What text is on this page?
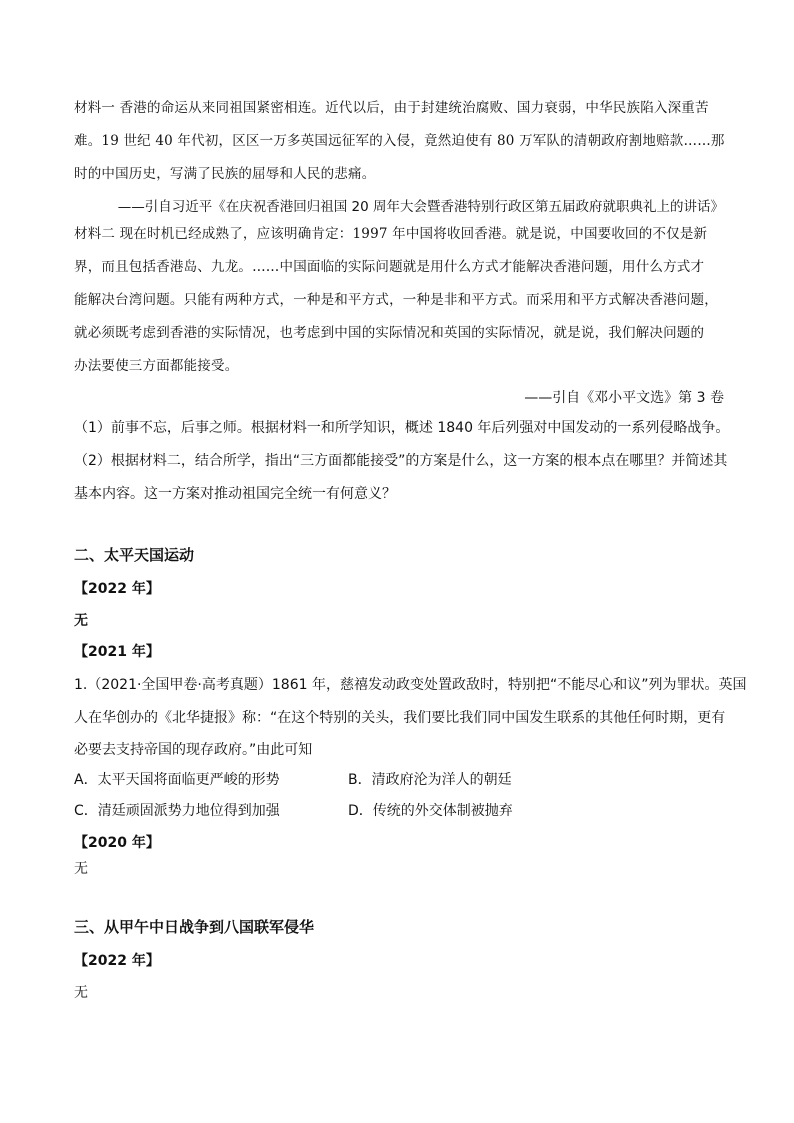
材料一 香港的命运从来同祖国紧密相连。近代以后，由于封建统治腐败、国力衰弱，中华民族陷入深重苦
难。19 世纪 40 年代初，区区一万多英国远征军的入侵，竟然迫使有 80 万军队的清朝政府割地赔款……那
时的中国历史，写满了民族的屈辱和人民的悲痛。
——引自习近平《在庆祝香港回归祖国 20 周年大会暨香港特别行政区第五届政府就职典礼上的讲话》
材料二 现在时机已经成熟了，应该明确肯定：1997 年中国将收回香港。就是说，中国要收回的不仅是新
界，而且包括香港岛、九龙。……中国面临的实际问题就是用什么方式才能解决香港问题，用什么方式才
能解决台湾问题。只能有两种方式，一种是和平方式，一种是非和平方式。而采用和平方式解决香港问题，
就必须既考虑到香港的实际情况，也考虑到中国的实际情况和英国的实际情况，就是说，我们解决问题的
办法要使三方面都能接受。
——引自《邓小平文选》第 3 卷
（1）前事不忘，后事之师。根据材料一和所学知识，概述 1840 年后列强对中国发动的一系列侵略战争。
（2）根据材料二，结合所学，指出“三方面都能接受”的方案是什么，这一方案的根本点在哪里？并简述其
基本内容。这一方案对推动祖国完全统一有何意义？
二、太平天国运动
【2022 年】
无
【2021 年】
1.（2021·全国甲卷·高考真题）1861 年，慈禧发动政变处置政敌时，特别把“不能尽心和议”列为罪状。英国
人在华创办的《北华捷报》称：“在这个特别的关头，我们要比我们同中国发生联系的其他任何时期，更有
必要去支持帝国的现存政府。”由此可知
A．太平天国将面临更严峻的形势	B．清政府沦为洋人的朝廷
C．清廷顽固派势力地位得到加强	D．传统的外交体制被抛弃
【2020 年】
无
三、从甲午中日战争到八国联军侵华
【2022 年】
无
